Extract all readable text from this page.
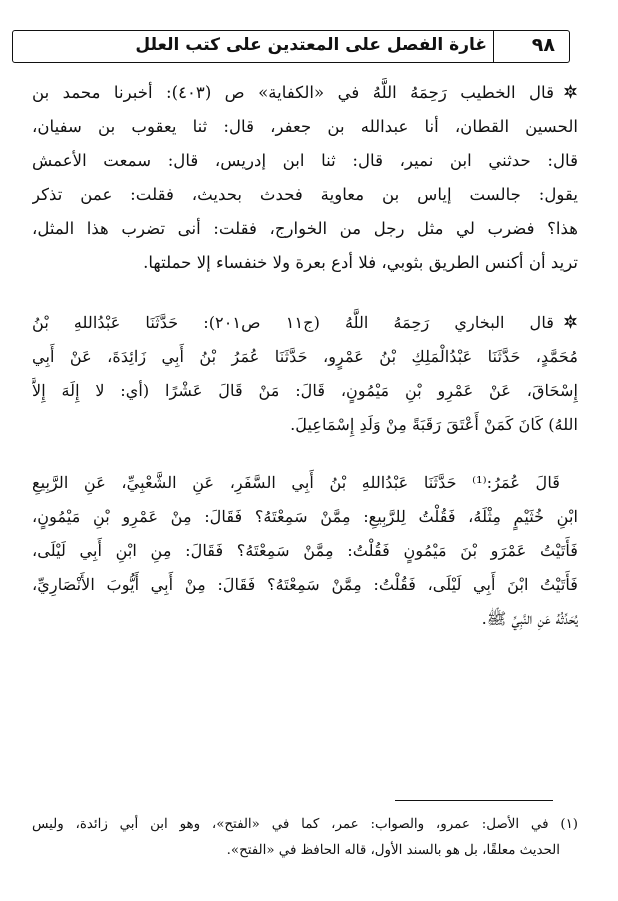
غارة الفصل على المعتدين على كتب العلل ٩٨
قال الخطيب رَحِمَهُ اللَّهُ في «الكفاية» ص (٤٠٣): أخبرنا محمد بن
الحسين القطان، أنا عبدالله بن جعفر، قال: ثنا يعقوب بن سفيان،
قال: حدثني ابن نمير، قال: ثنا ابن إدريس، قال: سمعت الأعمش
يقول: جالست إياس بن معاوية فحدث بحديث، فقلت: عمن تذكر
هذا؟ فضرب لي مثل رجل من الخوارج، فقلت: أنى تضرب هذا المثل،
تريد أن أكنس الطريق بثوبي، فلا أدع بعرة ولا خنفساء إلا حملتها.
قال البخاري رَحِمَهُ اللَّهُ (ج١١ ص٢٠١): حَدَّثَنَا عَبْدُاللهِ بْنُ
مُحَمَّدٍ، حَدَّثَنَا عَبْدُالْمَلِكِ بْنُ عَمْرٍو، حَدَّثَنَا عُمَرُ بْنُ أَبِي زَائِدَةَ، عَنْ أَبِي
إِسْحَاقَ، عَنْ عَمْرِو بْنِ مَيْمُونٍ، قَالَ: مَنْ قَالَ عَشْرًا (أي: لا إِلَهَ إِلاَّ
اللهُ) كَانَ كَمَنْ أَعْتَقَ رَقَبَةً مِنْ وَلَدِ إِسْمَاعِيلَ.
قَالَ عُمَرُ:⁽¹⁾ حَدَّثَنَا عَبْدُاللهِ بْنُ أَبِي السَّفَرِ، عَنِ الشَّعْبِيِّ، عَنِ الرَّبِيعِ
ابْنِ خُثَيْمٍ مِثْلَهُ، فَقُلْتُ لِلرَّبِيعِ: مِمَّنْ سَمِعْتَهُ؟ فَقَالَ: مِنْ عَمْرِو بْنِ مَيْمُونٍ،
فَأَتَيْتُ عَمْرَو بْنَ مَيْمُونٍ فَقُلْتُ: مِمَّنْ سَمِعْتَهُ؟ فَقَالَ: مِنِ ابْنِ أَبِي لَيْلَى،
فَأَتَيْتُ ابْنَ أَبِي لَيْلَى، فَقُلْتُ: مِمَّنْ سَمِعْتَهُ؟ فَقَالَ: مِنْ أَبِي أَيُّوبَ الأَنْصَارِيِّ،
يُحَدِّثُهُ عَنِ النَّبِيِّ ﷺ.
(١) في الأصل: عمرو، والصواب: عمر، كما في «الفتح»، وهو ابن أبي زائدة، وليس
الحديث معلقًا، بل هو بالسند الأول، قاله الحافظ في «الفتح».
